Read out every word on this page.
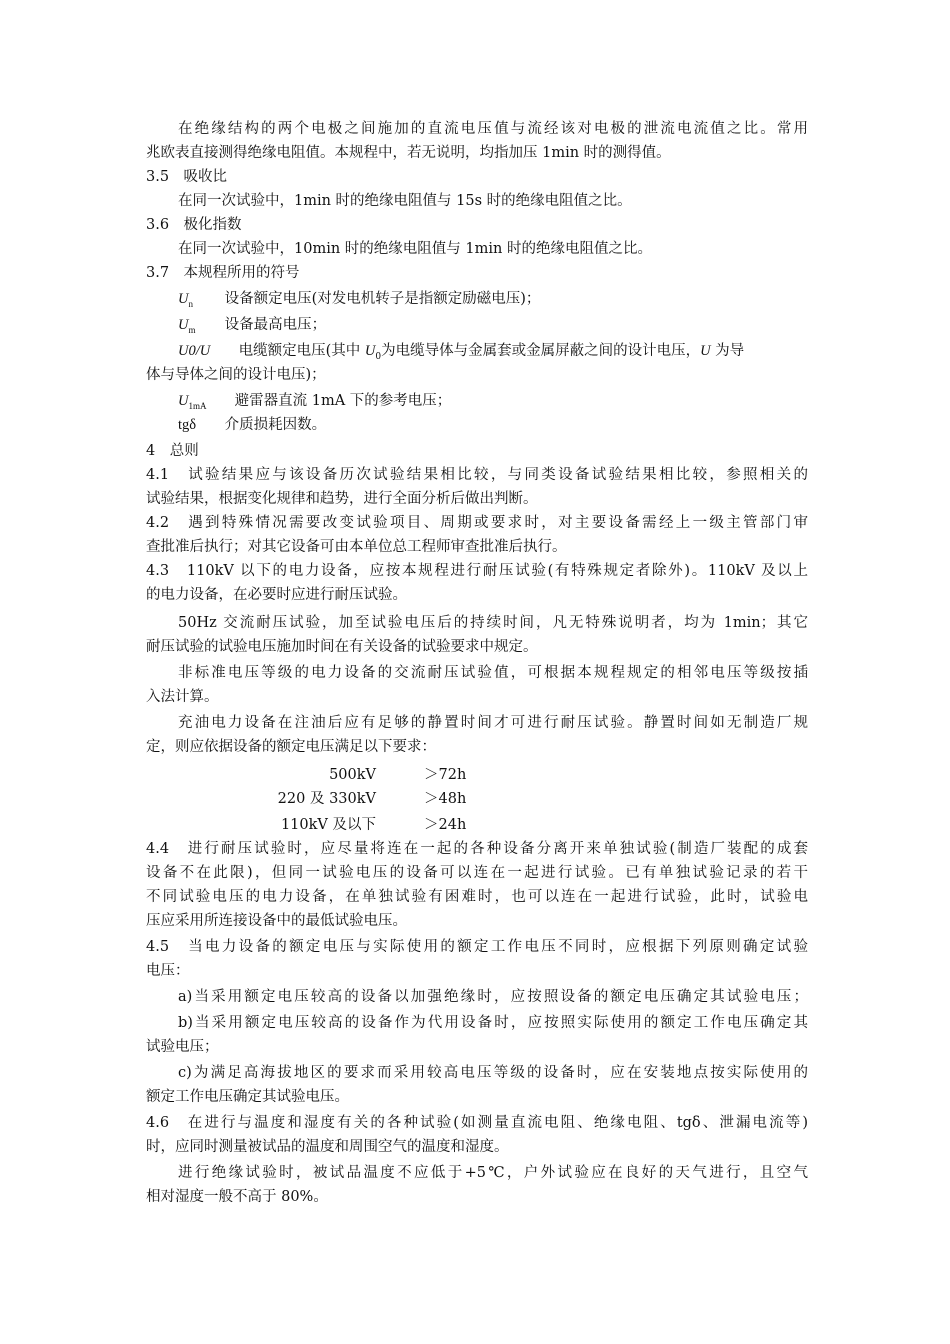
在绝缘结构的两个电极之间施加的直流电压值与流经该对电极的泄流电流值之比。常用
兆欧表直接测得绝缘电阻值。本规程中，若无说明，均指加压 1min 时的测得值。
3.5　吸收比
在同一次试验中，1min 时的绝缘电阻值与 15s 时的绝缘电阻值之比。
3.6　极化指数
在同一次试验中，10min 时的绝缘电阻值与 1min 时的绝缘电阻值之比。
3.7　本规程所用的符号
$U_n$ 设备额定电压(对发电机转子是指额定励磁电压)；
$U_m$ 设备最高电压；
U0/U 电缆额定电压(其中 $U_0$为电缆导体与金属套或金属屏蔽之间的设计电压，U 为导
体与导体之间的设计电压)；
$U_{1mA}$ 避雷器直流 1mA 下的参考电压；
tgδ 介质损耗因数。
4　总则
4.1　试验结果应与该设备历次试验结果相比较，与同类设备试验结果相比较，参照相关的
试验结果，根据变化规律和趋势，进行全面分析后做出判断。
4.2　遇到特殊情况需要改变试验项目、周期或要求时，对主要设备需经上一级主管部门审
查批准后执行；对其它设备可由本单位总工程师审查批准后执行。
4.3　110kV 以下的电力设备，应按本规程进行耐压试验(有特殊规定者除外)。110kV 及以上
的电力设备，在必要时应进行耐压试验。
50Hz 交流耐压试验，加至试验电压后的持续时间，凡无特殊说明者，均为 1min；其它
耐压试验的试验电压施加时间在有关设备的试验要求中规定。
非标准电压等级的电力设备的交流耐压试验值，可根据本规程规定的相邻电压等级按插
入法计算。
充油电力设备在注油后应有足够的静置时间才可进行耐压试验。静置时间如无制造厂规
定，则应依据设备的额定电压满足以下要求：
500kV	＞72h
220 及 330kV	＞48h
110kV 及以下	＞24h
4.4　进行耐压试验时，应尽量将连在一起的各种设备分离开来单独试验(制造厂装配的成套
设备不在此限)，但同一试验电压的设备可以连在一起进行试验。已有单独试验记录的若干
不同试验电压的电力设备，在单独试验有困难时，也可以连在一起进行试验，此时，试验电
压应采用所连接设备中的最低试验电压。
4.5　当电力设备的额定电压与实际使用的额定工作电压不同时，应根据下列原则确定试验
电压：
a)当采用额定电压较高的设备以加强绝缘时，应按照设备的额定电压确定其试验电压；
b)当采用额定电压较高的设备作为代用设备时，应按照实际使用的额定工作电压确定其
试验电压；
c)为满足高海拔地区的要求而采用较高电压等级的设备时，应在安装地点按实际使用的
额定工作电压确定其试验电压。
4.6　在进行与温度和湿度有关的各种试验(如测量直流电阻、绝缘电阻、tgδ、泄漏电流等)
时，应同时测量被试品的温度和周围空气的温度和湿度。
进行绝缘试验时，被试品温度不应低于+5℃，户外试验应在良好的天气进行，且空气
相对湿度一般不高于 80%。
